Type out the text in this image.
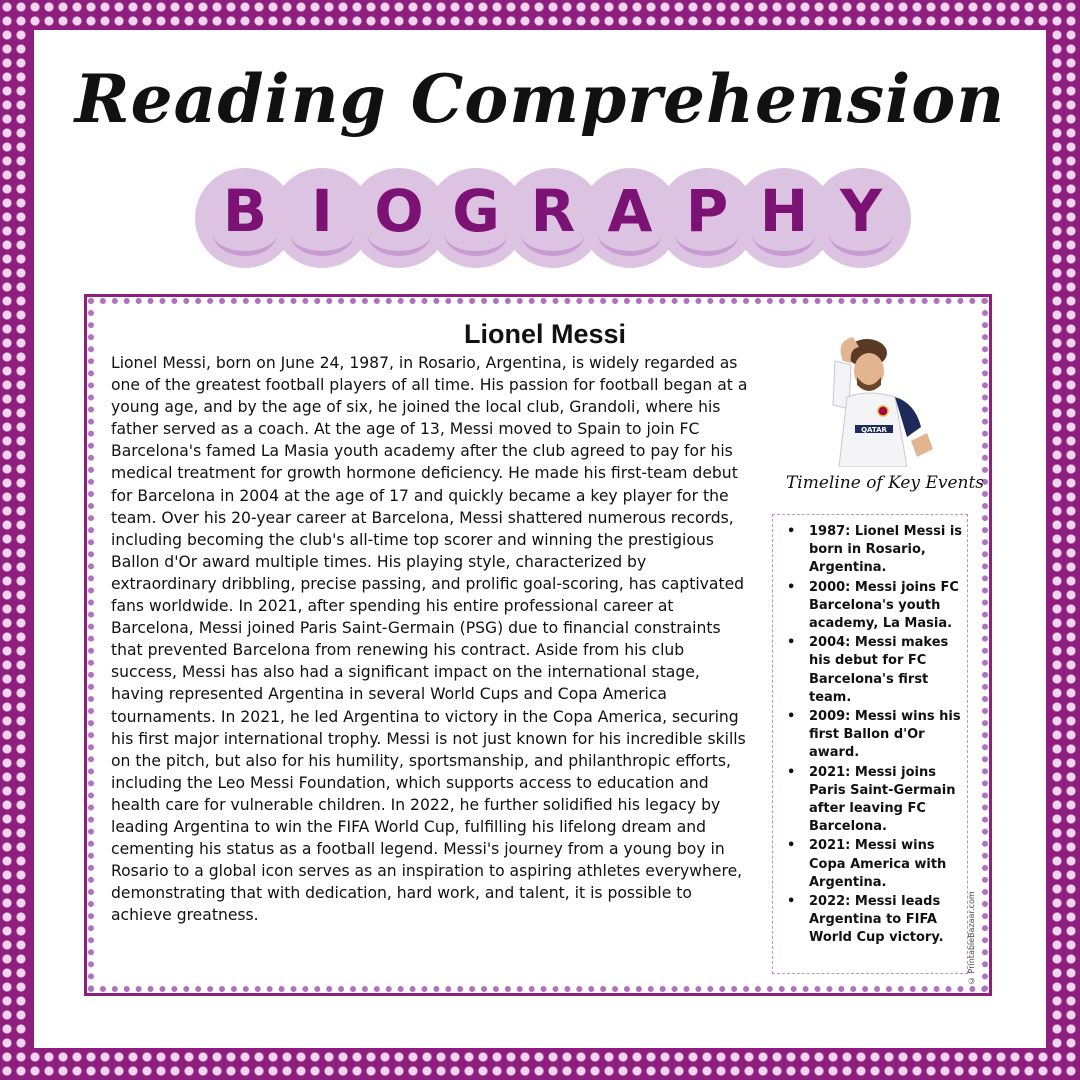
Reading Comprehension
B I O G R A P H Y
Lionel Messi

Lionel Messi, born on June 24, 1987, in Rosario, Argentina, is widely regarded as one of the greatest football players of all time. His passion for football began at a young age, and by the age of six, he joined the local club, Grandoli, where his father served as a coach. At the age of 13, Messi moved to Spain to join FC Barcelona's famed La Masia youth academy after the club agreed to pay for his medical treatment for growth hormone deficiency. He made his first-team debut for Barcelona in 2004 at the age of 17 and quickly became a key player for the team. Over his 20-year career at Barcelona, Messi shattered numerous records, including becoming the club's all-time top scorer and winning the prestigious Ballon d'Or award multiple times. His playing style, characterized by extraordinary dribbling, precise passing, and prolific goal-scoring, has captivated fans worldwide. In 2021, after spending his entire professional career at Barcelona, Messi joined Paris Saint-Germain (PSG) due to financial constraints that prevented Barcelona from renewing his contract. Aside from his club success, Messi has also had a significant impact on the international stage, having represented Argentina in several World Cups and Copa America tournaments. In 2021, he led Argentina to victory in the Copa America, securing his first major international trophy. Messi is not just known for his incredible skills on the pitch, but also for his humility, sportsmanship, and philanthropic efforts, including the Leo Messi Foundation, which supports access to education and health care for vulnerable children. In 2022, he further solidified his legacy by leading Argentina to win the FIFA World Cup, fulfilling his lifelong dream and cementing his status as a football legend. Messi's journey from a young boy in Rosario to a global icon serves as an inspiration to aspiring athletes everywhere, demonstrating that with dedication, hard work, and talent, it is possible to achieve greatness.

QATAR

Timeline of Key Events

• 1987: Lionel Messi is born in Rosario, Argentina.
• 2000: Messi joins FC Barcelona's youth academy, La Masia.
• 2004: Messi makes his debut for FC Barcelona's first team.
• 2009: Messi wins his first Ballon d'Or award.
• 2021: Messi joins Paris Saint-Germain after leaving FC Barcelona.
• 2021: Messi wins Copa America with Argentina.
• 2022: Messi leads Argentina to FIFA World Cup victory.	© PrintableBazaar.com
